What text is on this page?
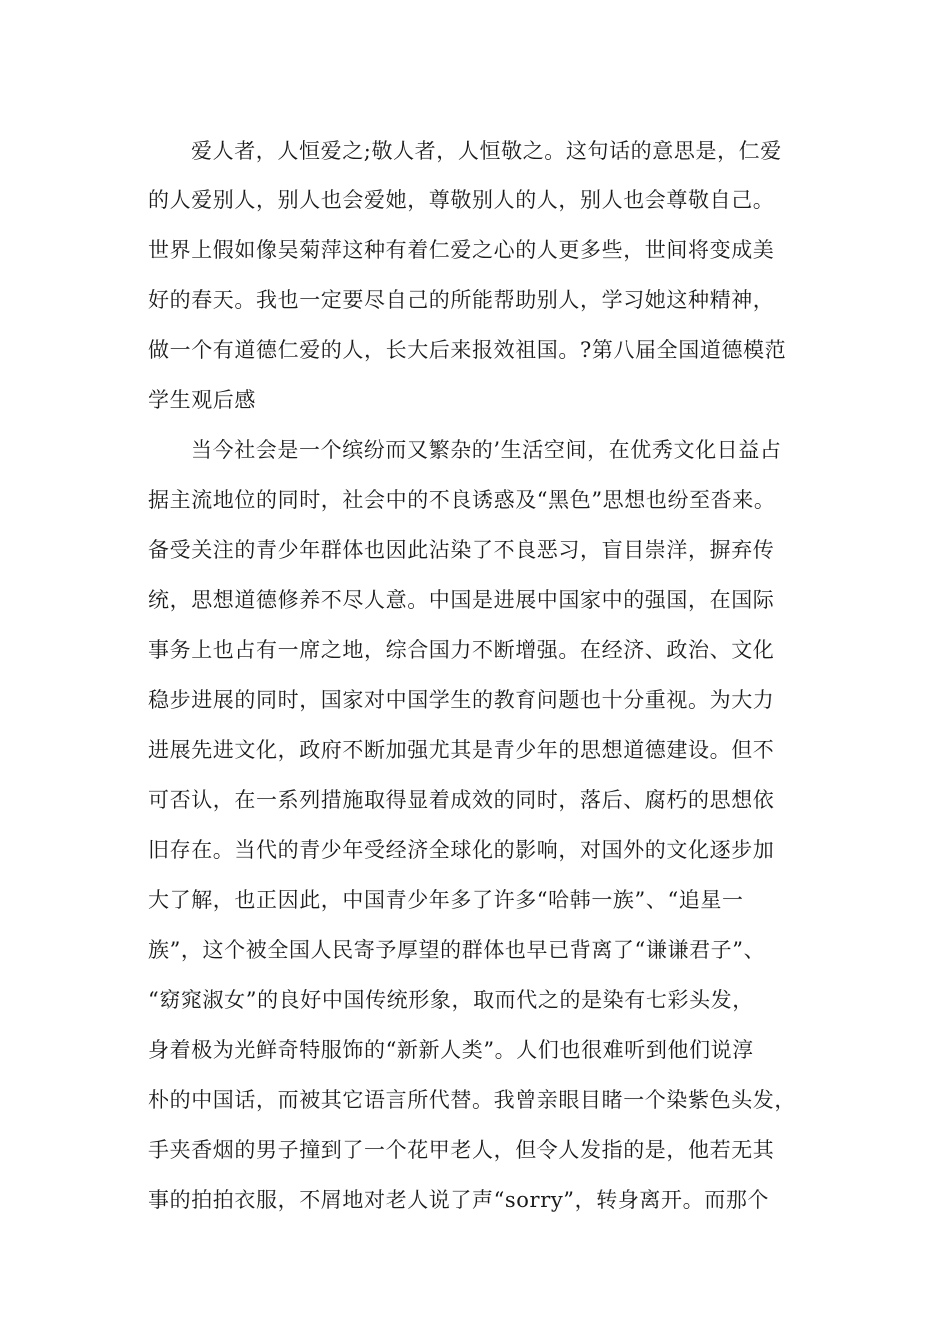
爱人者，人恒爱之;敬人者，人恒敬之。这句话的意思是，仁爱
的人爱别人，别人也会爱她，尊敬别人的人，别人也会尊敬自己。
世界上假如像吴菊萍这种有着仁爱之心的人更多些，世间将变成美
好的春天。我也一定要尽自己的所能帮助别人，学习她这种精神，
做一个有道德仁爱的人，长大后来报效祖国。?第八届全国道德模范
学生观后感
当今社会是一个缤纷而又繁杂的’生活空间，在优秀文化日益占
据主流地位的同时，社会中的不良诱惑及“黑色”思想也纷至沓来。
备受关注的青少年群体也因此沾染了不良恶习，盲目崇洋，摒弃传
统，思想道德修养不尽人意。中国是进展中国家中的强国，在国际
事务上也占有一席之地，综合国力不断增强。在经济、政治、文化
稳步进展的同时，国家对中国学生的教育问题也十分重视。为大力
进展先进文化，政府不断加强尤其是青少年的思想道德建设。但不
可否认，在一系列措施取得显着成效的同时，落后、腐朽的思想依
旧存在。当代的青少年受经济全球化的影响，对国外的文化逐步加
大了解，也正因此，中国青少年多了许多“哈韩一族”、“追星一
族”，这个被全国人民寄予厚望的群体也早已背离了“谦谦君子”、
“窈窕淑女”的良好中国传统形象，取而代之的是染有七彩头发，
身着极为光鲜奇特服饰的“新新人类”。人们也很难听到他们说淳
朴的中国话，而被其它语言所代替。我曾亲眼目睹一个染紫色头发，
手夹香烟的男子撞到了一个花甲老人，但令人发指的是，他若无其
事的拍拍衣服，不屑地对老人说了声“sorry”，转身离开。而那个
